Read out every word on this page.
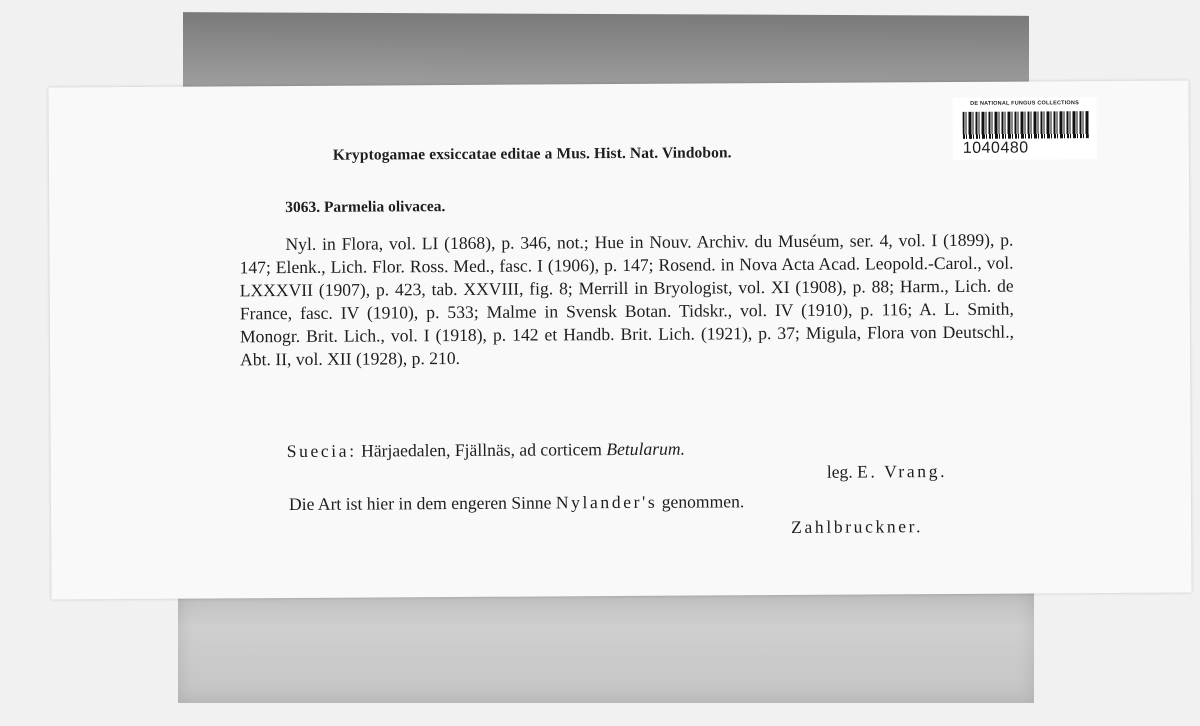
DE NATIONAL FUNGUS COLLECTIONS
1040480
Kryptogamae exsiccatae editae a Mus. Hist. Nat. Vindobon.
3063. Parmelia olivacea.
Nyl. in Flora, vol. LI (1868), p. 346, not.; Hue in Nouv. Archiv. du Muséum, ser. 4, vol. I (1899), p. 147; Elenk., Lich. Flor. Ross. Med., fasc. I (1906), p. 147; Rosend. in Nova Acta Acad. Leopold.-Carol., vol. LXXXVII (1907), p. 423, tab. XXVIII, fig. 8; Merrill in Bryologist, vol. XI (1908), p. 88; Harm., Lich. de France, fasc. IV (1910), p. 533; Malme in Svensk Botan. Tidskr., vol. IV (1910), p. 116; A. L. Smith, Monogr. Brit. Lich., vol. I (1918), p. 142 et Handb. Brit. Lich. (1921), p. 37; Migula, Flora von Deutschl., Abt. II, vol. XII (1928), p. 210.
Suecia: Härjaedalen, Fjällnäs, ad corticem Betularum.
leg. E. Vrang.
Die Art ist hier in dem engeren Sinne Nylander's genommen.
Zahlbruckner.
